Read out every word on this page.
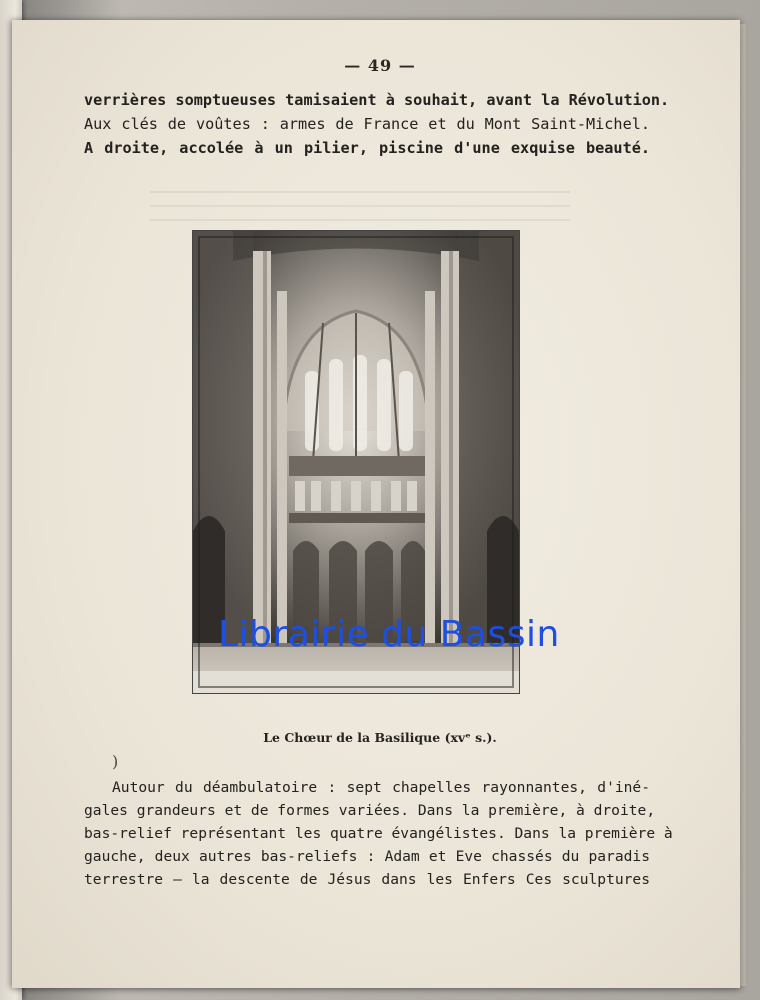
— 49 —
verrières somptueuses tamisaient à souhait, avant la Révolution.
Aux clés de voûtes : armes de France et du Mont Saint-Michel.
A droite, accolée à un pilier, piscine d'une exquise beauté.
Librairie du Bassin
Le Chœur de la Basilique (xvᵉ s.).
)
Autour du déambulatoire : sept chapelles rayonnantes, d'iné-
gales grandeurs et de formes variées. Dans la première, à droite,
bas-relief représentant les quatre évangélistes. Dans la première à
gauche, deux autres bas-reliefs : Adam et Eve chassés du paradis
terrestre — la descente de Jésus dans les Enfers Ces sculptures
